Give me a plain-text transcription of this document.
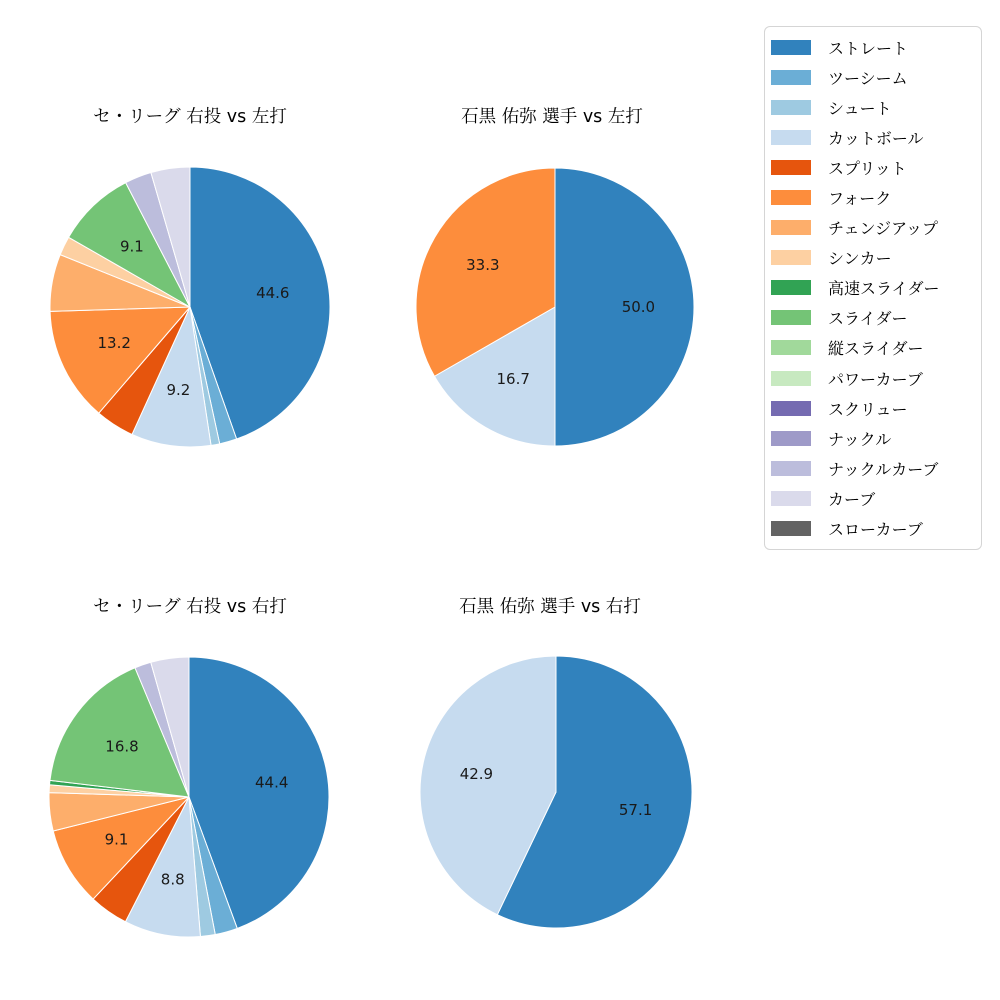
セ・リーグ 右投 vs 左打
44.6
9.2
13.2
9.1
石黒 佑弥 選手 vs 左打
50.0
16.7
33.3
セ・リーグ 右投 vs 右打
44.4
8.8
9.1
16.8
石黒 佑弥 選手 vs 右打
57.1
42.9
ストレート
ツーシーム
シュート
カットボール
スプリット
フォーク
チェンジアップ
シンカー
高速スライダー
スライダー
縦スライダー
パワーカーブ
スクリュー
ナックル
ナックルカーブ
カーブ
スローカーブ
